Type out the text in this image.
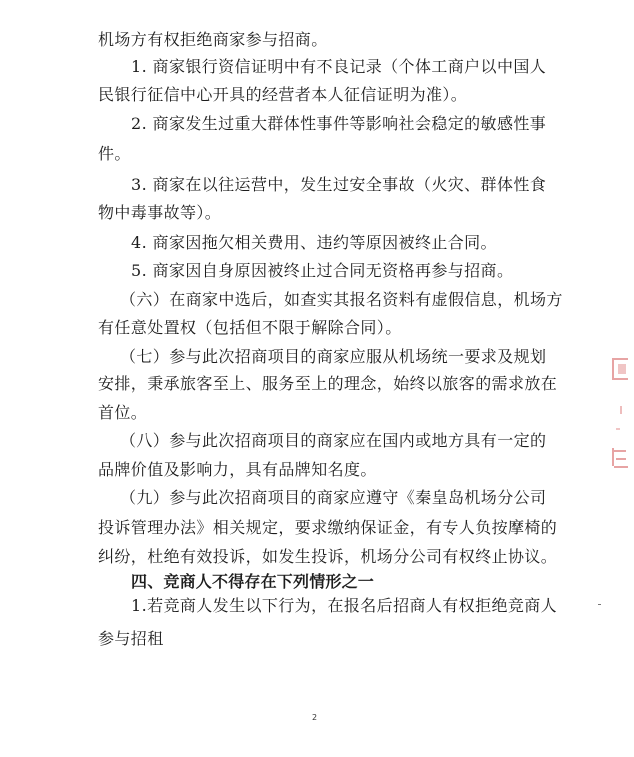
机场方有权拒绝商家参与招商。
1. 商家银行资信证明中有不良记录（个体工商户以中国人
民银行征信中心开具的经营者本人征信证明为准）。
2. 商家发生过重大群体性事件等影响社会稳定的敏感性事
件。
3. 商家在以往运营中，发生过安全事故（火灾、群体性食
物中毒事故等）。
4. 商家因拖欠相关费用、违约等原因被终止合同。
5. 商家因自身原因被终止过合同无资格再参与招商。
（六）在商家中选后，如查实其报名资料有虚假信息，机场方
有任意处置权（包括但不限于解除合同）。
（七）参与此次招商项目的商家应服从机场统一要求及规划
安排，秉承旅客至上、服务至上的理念，始终以旅客的需求放在
首位。
（八）参与此次招商项目的商家应在国内或地方具有一定的
品牌价值及影响力，具有品牌知名度。
（九）参与此次招商项目的商家应遵守《秦皇岛机场分公司
投诉管理办法》相关规定，要求缴纳保证金，有专人负按摩椅的
纠纷，杜绝有效投诉，如发生投诉，机场分公司有权终止协议。
四、竞商人不得存在下列情形之一
1.若竞商人发生以下行为，在报名后招商人有权拒绝竞商人
参与招租
2
